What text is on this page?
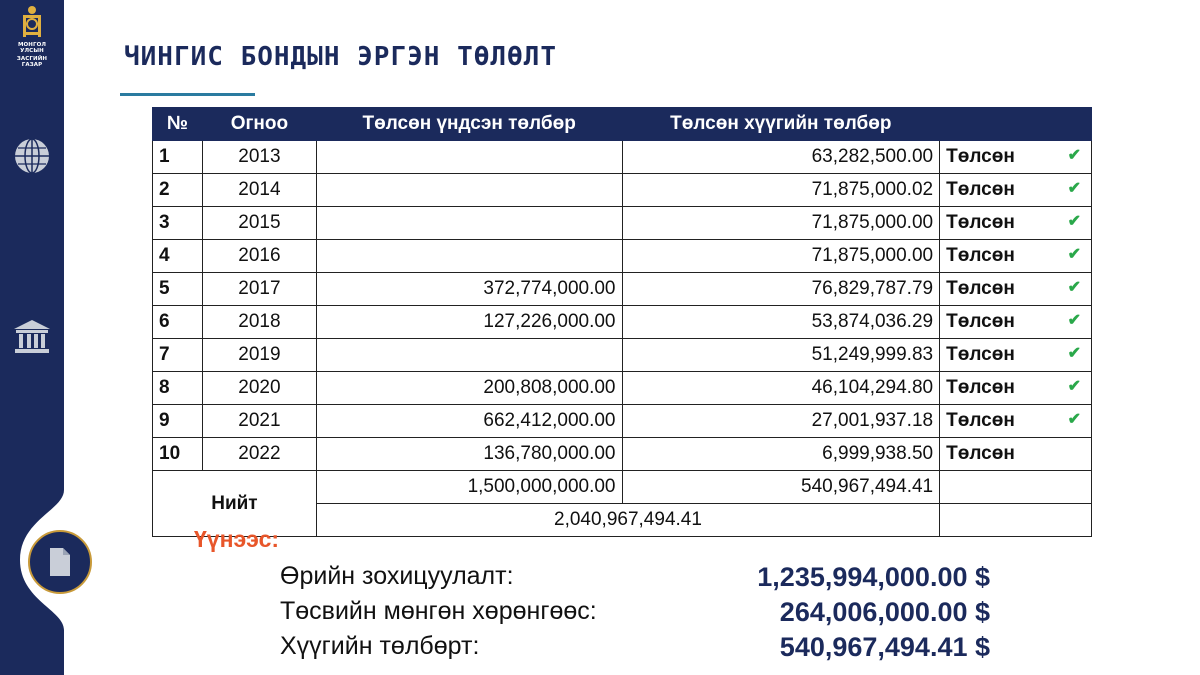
МОНГОЛ УЛСЫН
ЗАСГИЙН ГАЗАР	ЧИНГИС БОНДЫН ЭРГЭН ТӨЛӨЛТ
№	Огноо	Төлсөн үндсэн төлбөр	Төлсөн хүүгийн төлбөр	
1	2013		63,282,500.00	Төлсөн ✔

2	2014		71,875,000.02	Төлсөн ✔

3	2015		71,875,000.00	Төлсөн ✔

4	2016		71,875,000.00	Төлсөн ✔

5	2017	372,774,000.00	76,829,787.79	Төлсөн ✔

6	2018	127,226,000.00	53,874,036.29	Төлсөн ✔

7	2019		51,249,999.83	Төлсөн ✔

8	2020	200,808,000.00	46,104,294.80	Төлсөн ✔

9	2021	662,412,000.00	27,001,937.18	Төлсөн ✔

10	2022	136,780,000.00	6,999,938.50	Төлсөн
Нийт		1,500,000,000.00	540,967,494.41	
		2,040,967,494.41		
Үүнээс:
Өрийн зохицуулалт:	1,235,994,000.00 $
Төсвийн мөнгөн хөрөнгөөс:	264,006,000.00 $
Хүүгийн төлбөрт:	540,967,494.41 $
